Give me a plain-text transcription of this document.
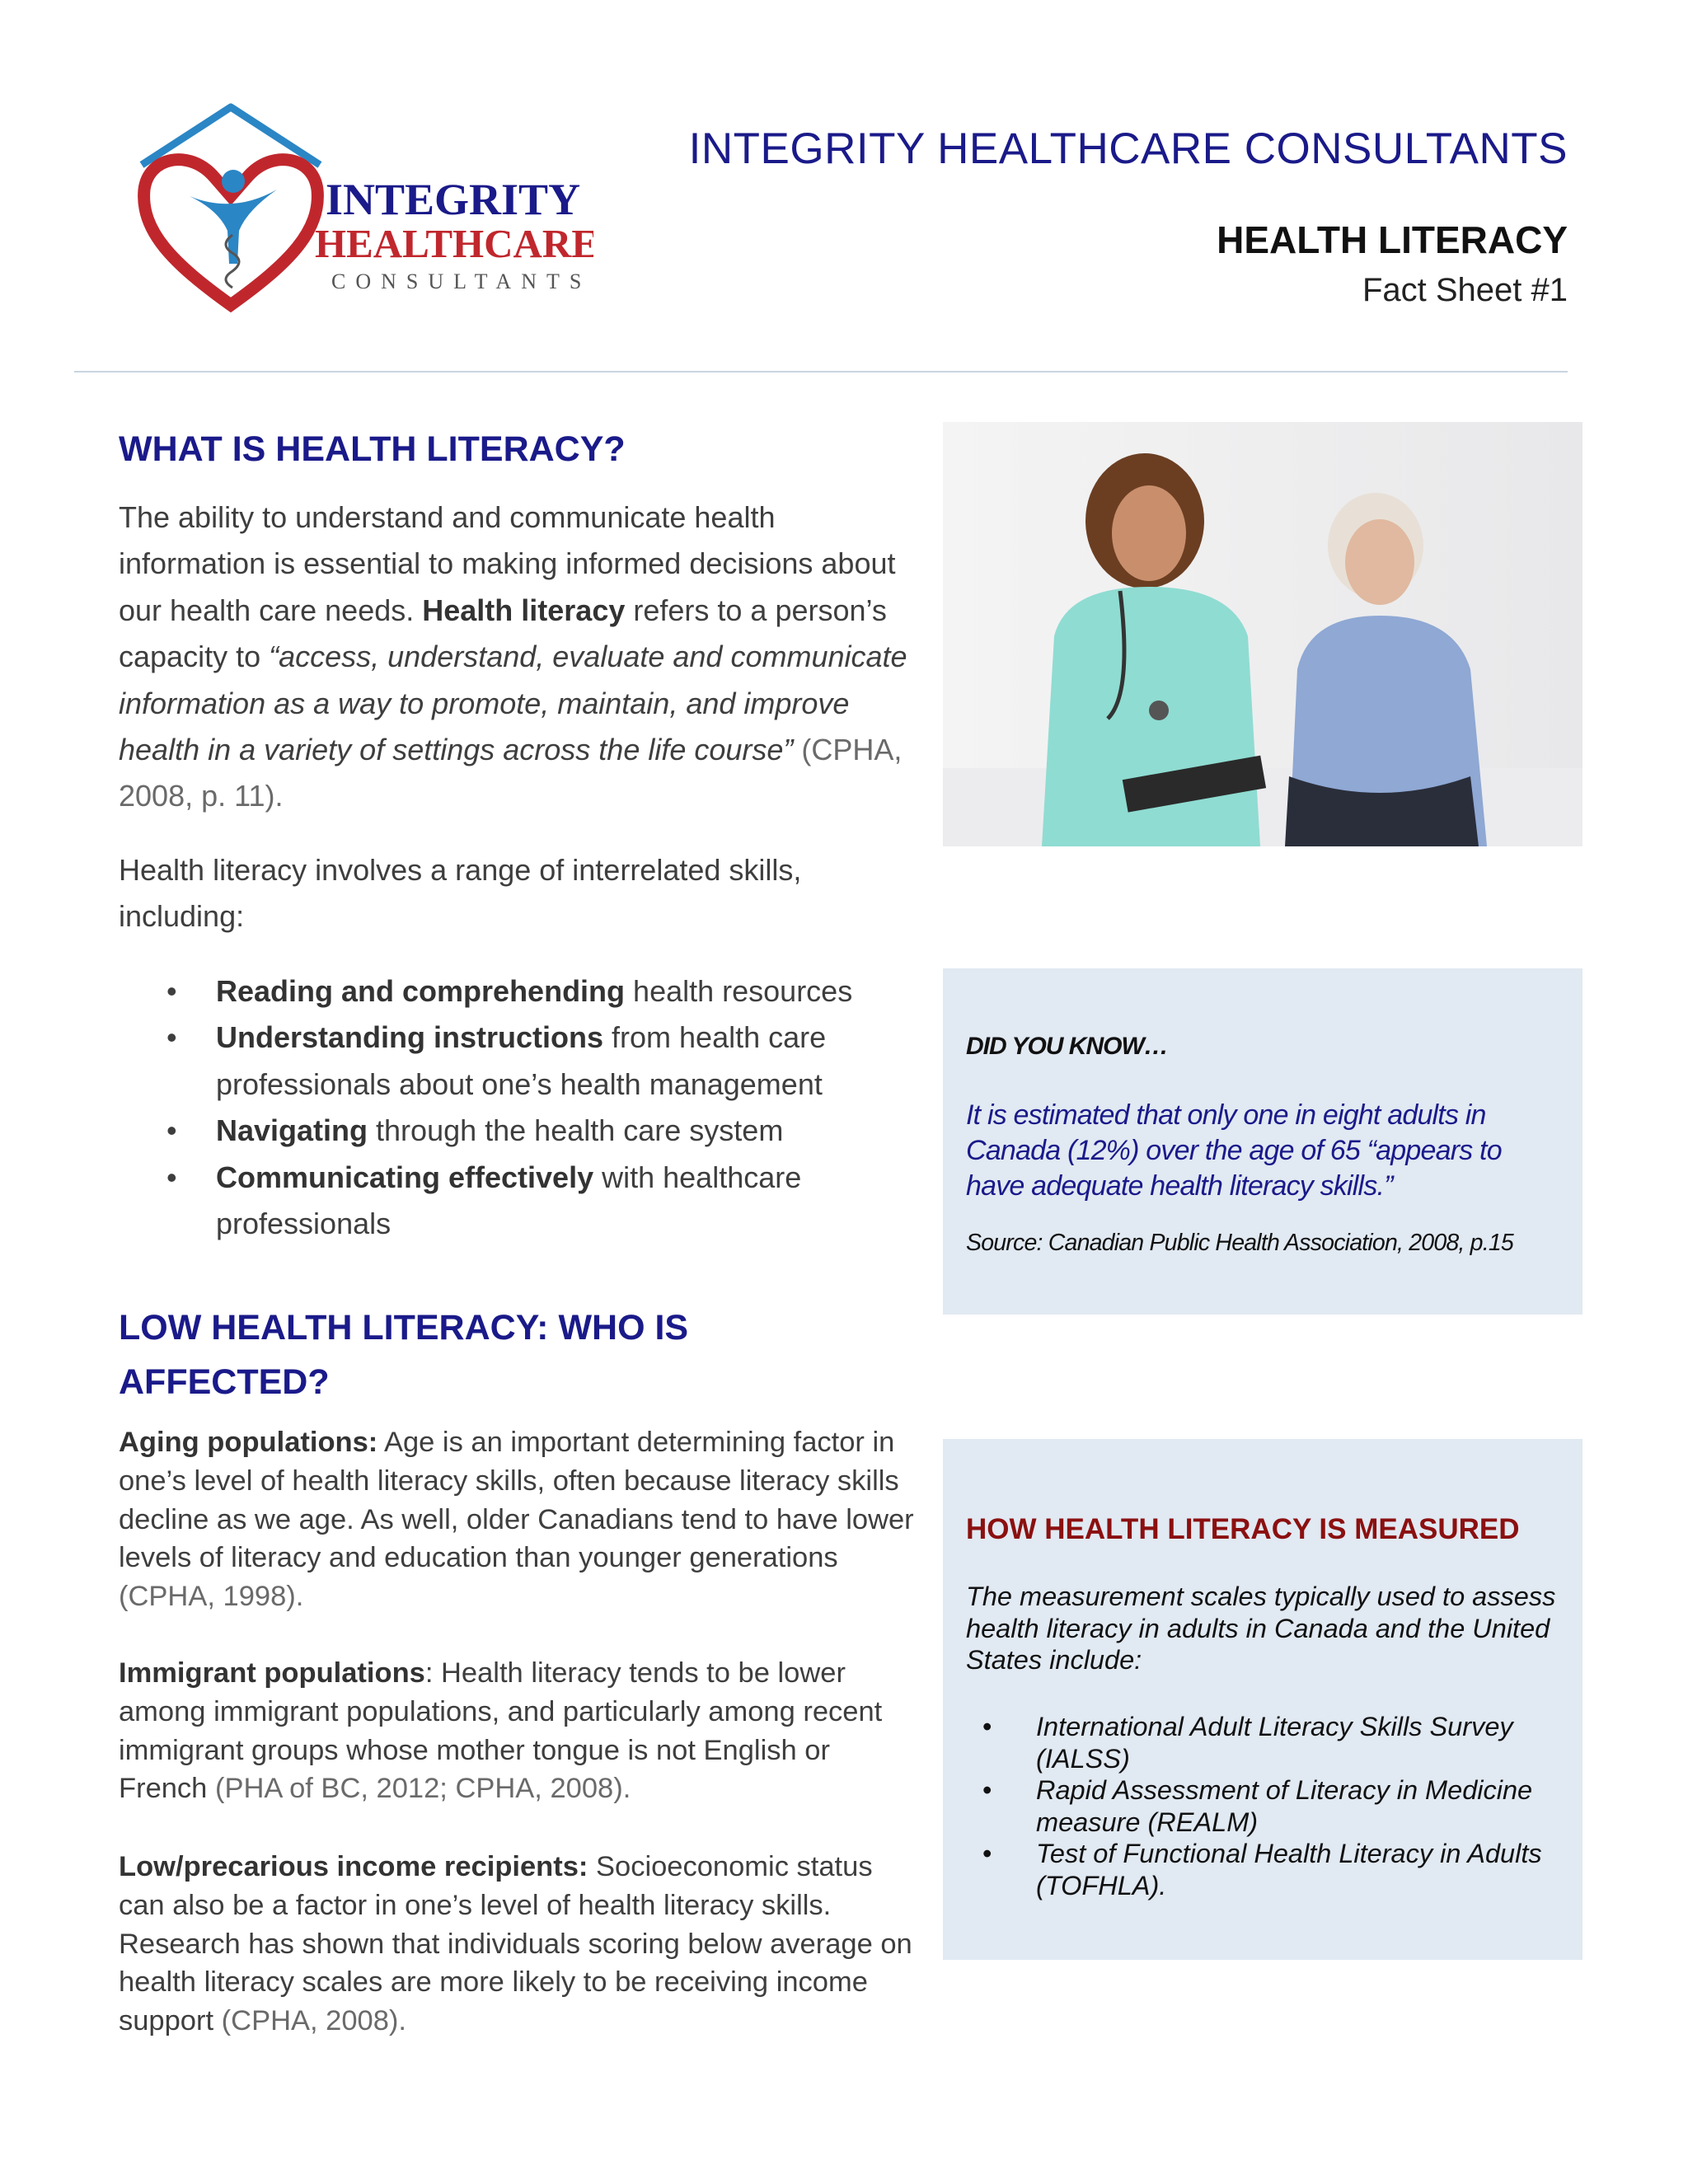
INTEGRITY
HEALTHCARE
CONSULTANTS
INTEGRITY HEALTHCARE CONSULTANTS
HEALTH LITERACY
Fact Sheet #1
WHAT IS HEALTH LITERACY?
The ability to understand and communicate health information is essential to making informed decisions about our health care needs. Health literacy refers to a person’s capacity to “access, understand, evaluate and communicate information as a way to promote, maintain, and improve health in a variety of settings across the life course” (CPHA, 2008, p. 11).
Health literacy involves a range of interrelated skills, including:
• Reading and comprehending health resources
• Understanding instructions from health care professionals about one’s health management
• Navigating through the health care system
• Communicating effectively with healthcare professionals
LOW HEALTH LITERACY: WHO IS AFFECTED?
Aging populations: Age is an important determining factor in one’s level of health literacy skills, often because literacy skills decline as we age. As well, older Canadians tend to have lower levels of literacy and education than younger generations (CPHA, 1998).
Immigrant populations: Health literacy tends to be lower among immigrant populations, and particularly among recent immigrant groups whose mother tongue is not English or French (PHA of BC, 2012; CPHA, 2008).
Low/precarious income recipients: Socioeconomic status can also be a factor in one’s level of health literacy skills. Research has shown that individuals scoring below average on health literacy scales are more likely to be receiving income support (CPHA, 2008).
DID YOU KNOW…
It is estimated that only one in eight adults in Canada (12%) over the age of 65 “appears to have adequate health literacy skills.”
Source: Canadian Public Health Association, 2008, p.15
HOW HEALTH LITERACY IS MEASURED
The measurement scales typically used to assess health literacy in adults in Canada and the United States include:
• International Adult Literacy Skills Survey (IALSS)
• Rapid Assessment of Literacy in Medicine measure (REALM)
• Test of Functional Health Literacy in Adults (TOFHLA).
